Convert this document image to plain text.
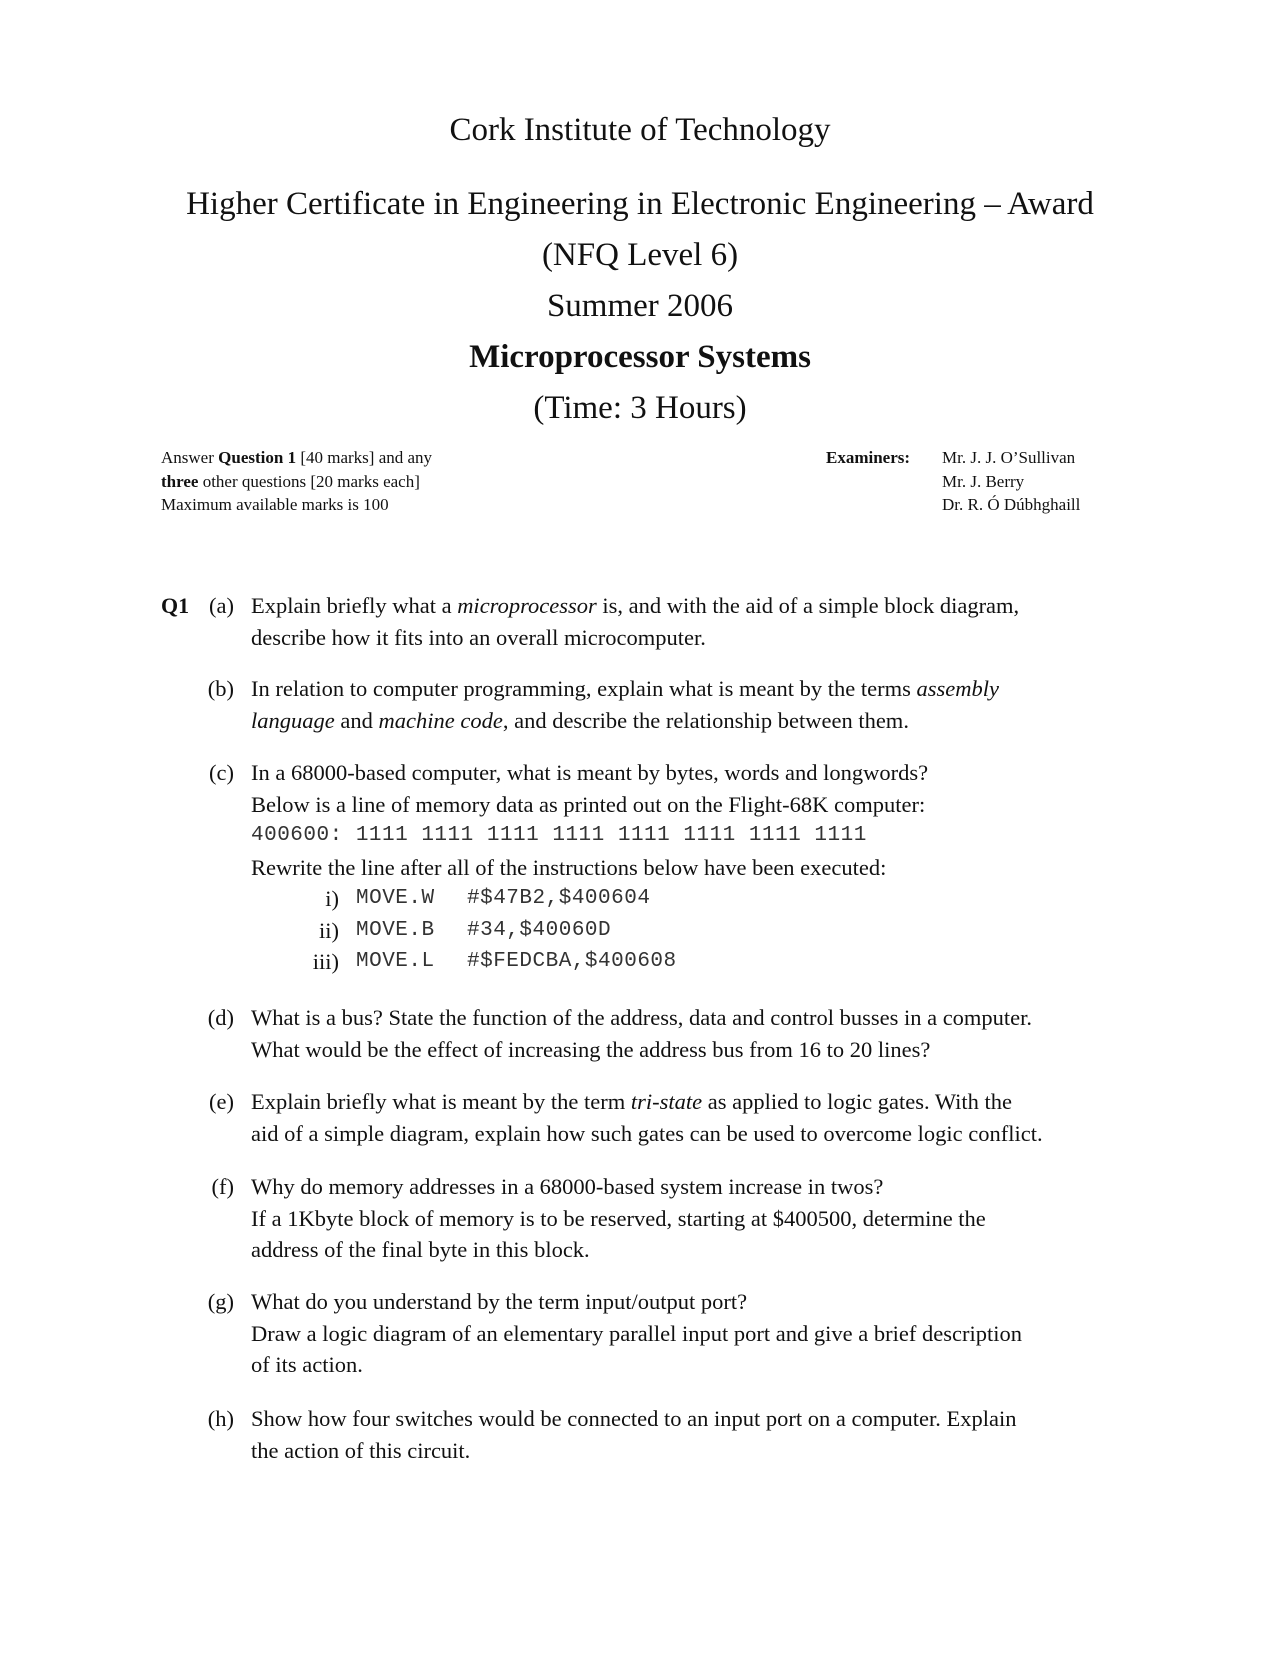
Cork Institute of Technology
Higher Certificate in Engineering in Electronic Engineering – Award
(NFQ Level 6)
Summer 2006
Microprocessor Systems
(Time: 3 Hours)
Answer Question 1 [40 marks] and any
three other questions [20 marks each]
Maximum available marks is 100
Examiners: Mr. J. J. O’Sullivan
Mr. J. Berry
Dr. R. Ó Dúbhghaill
Q1 (a) Explain briefly what a microprocessor is, and with the aid of a simple block diagram,
describe how it fits into an overall microcomputer.
(b) In relation to computer programming, explain what is meant by the terms assembly
language and machine code, and describe the relationship between them.
(c) In a 68000-based computer, what is meant by bytes, words and longwords?
Below is a line of memory data as printed out on the Flight-68K computer:
400600: 1111 1111 1111 1111 1111 1111 1111 1111
Rewrite the line after all of the instructions below have been executed:
i) MOVE.W #$47B2,$400604
ii) MOVE.B #34,$40060D
iii) MOVE.L #$FEDCBA,$400608
(d) What is a bus? State the function of the address, data and control busses in a computer.
What would be the effect of increasing the address bus from 16 to 20 lines?
(e) Explain briefly what is meant by the term tri-state as applied to logic gates. With the
aid of a simple diagram, explain how such gates can be used to overcome logic conflict.
(f) Why do memory addresses in a 68000-based system increase in twos?
If a 1Kbyte block of memory is to be reserved, starting at $400500, determine the
address of the final byte in this block.
(g) What do you understand by the term input/output port?
Draw a logic diagram of an elementary parallel input port and give a brief description
of its action.
(h) Show how four switches would be connected to an input port on a computer. Explain
the action of this circuit.
